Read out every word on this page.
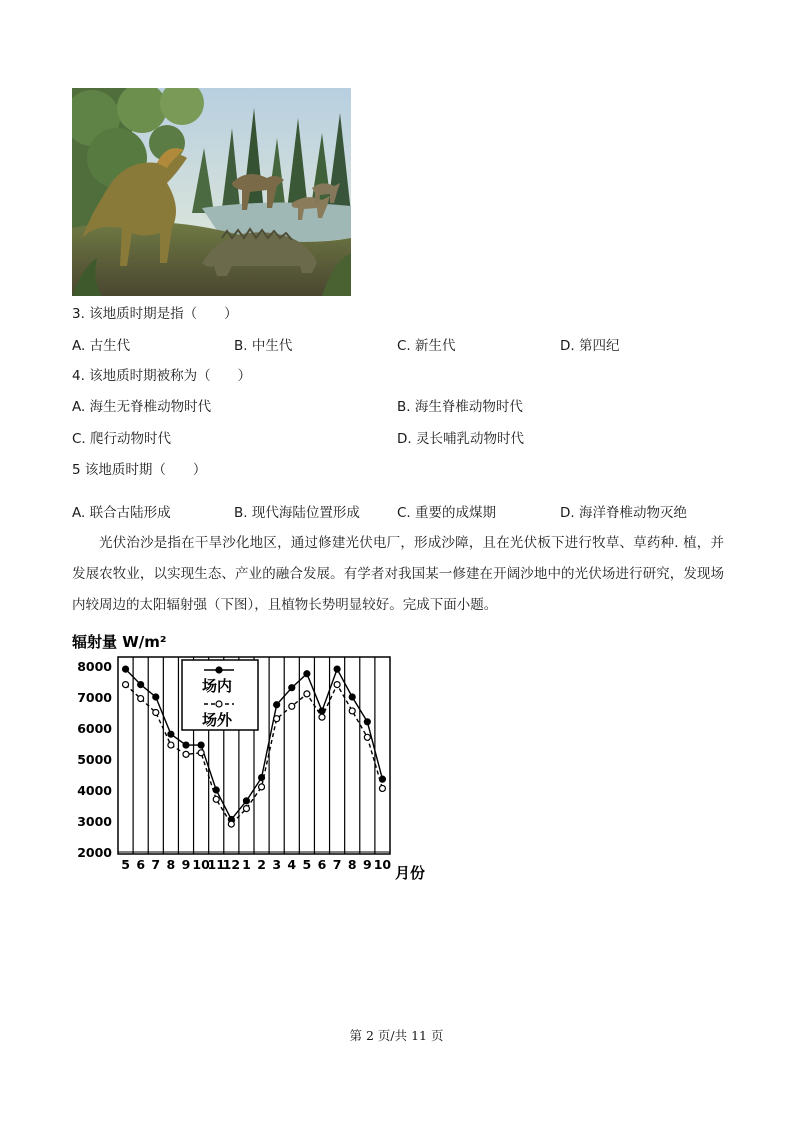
3. 该地质时期是指（　　）
A. 古生代	B. 中生代	C. 新生代	D. 第四纪
4. 该地质时期被称为（　　）
A. 海生无脊椎动物时代	B. 海生脊椎动物时代
C. 爬行动物时代	D. 灵长哺乳动物时代
5 该地质时期（　　）
A. 联合古陆形成	B. 现代海陆位置形成	C. 重要的成煤期	D. 海洋脊椎动物灭绝
光伏治沙是指在干旱沙化地区，通过修建光伏电厂，形成沙障，且在光伏板下进行牧草、草药种. 植，并发展农牧业，以实现生态、产业的融合发展。有学者对我国某一修建在开阔沙地中的光伏场进行研究，发现场内较周边的太阳辐射强（下图），且植物长势明显较好。完成下面小题。
辐射量 W/m²
月份
2000
3000
4000
5000
6000
7000
8000
5 6 7 8 9 10
11
12 1 2 3 4 5 6 7 8 9 10
场内
场外
第 2 页/共 11 页
